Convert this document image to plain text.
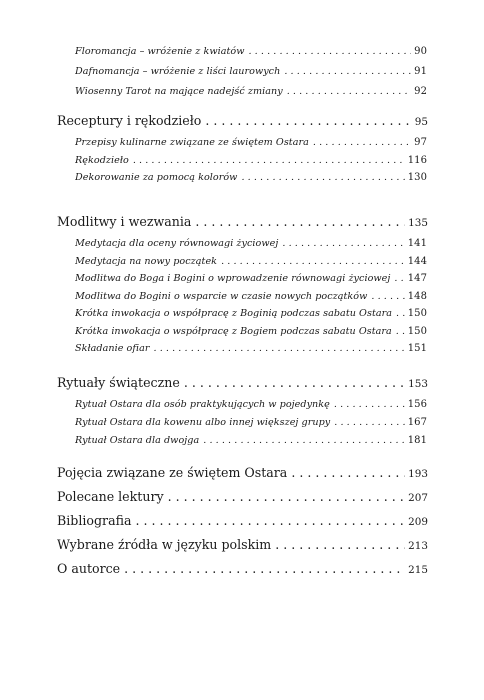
Floromancja – wróżenie z kwiatów . . .	90
Dafnomancja – wróżenie z liści laurowych . . .	91
Wiosenny Tarot na mające nadejść zmiany . . .	92
Receptury i rękodzieło . . .	95
Przepisy kulinarne związane ze świętem Ostara . . .	97
Rękodzieło . . .	116
Dekorowanie za pomocą kolorów . . .	130
Modlitwy i wezwania . . .	135
Medytacja dla oceny równowagi życiowej . . .	141
Medytacja na nowy początek . . .	144
Modlitwa do Boga i Bogini o wprowadzenie równowagi życiowej . . . 147
Modlitwa do Bogini o wsparcie w czasie nowych początków . . .	148
Krótka inwokacja o współpracę z Boginią podczas sabatu Ostara . . . 150
Krótka inwokacja o współpracę z Bogiem podczas sabatu Ostara . . . 150
Składanie ofiar . . .	151
Rytuały świąteczne . . .	153
Rytuał Ostara dla osób praktykujących w pojedynkę . . .	156
Rytuał Ostara dla kowenu albo innej większej grupy . . .	167
Rytuał Ostara dla dwojga . . .	181
Pojęcia związane ze świętem Ostara . . .	193
Polecane lektury . . .	207
Bibliografia . . .	209
Wybrane źródła w języku polskim . . .	213
O autorce . . .	215
